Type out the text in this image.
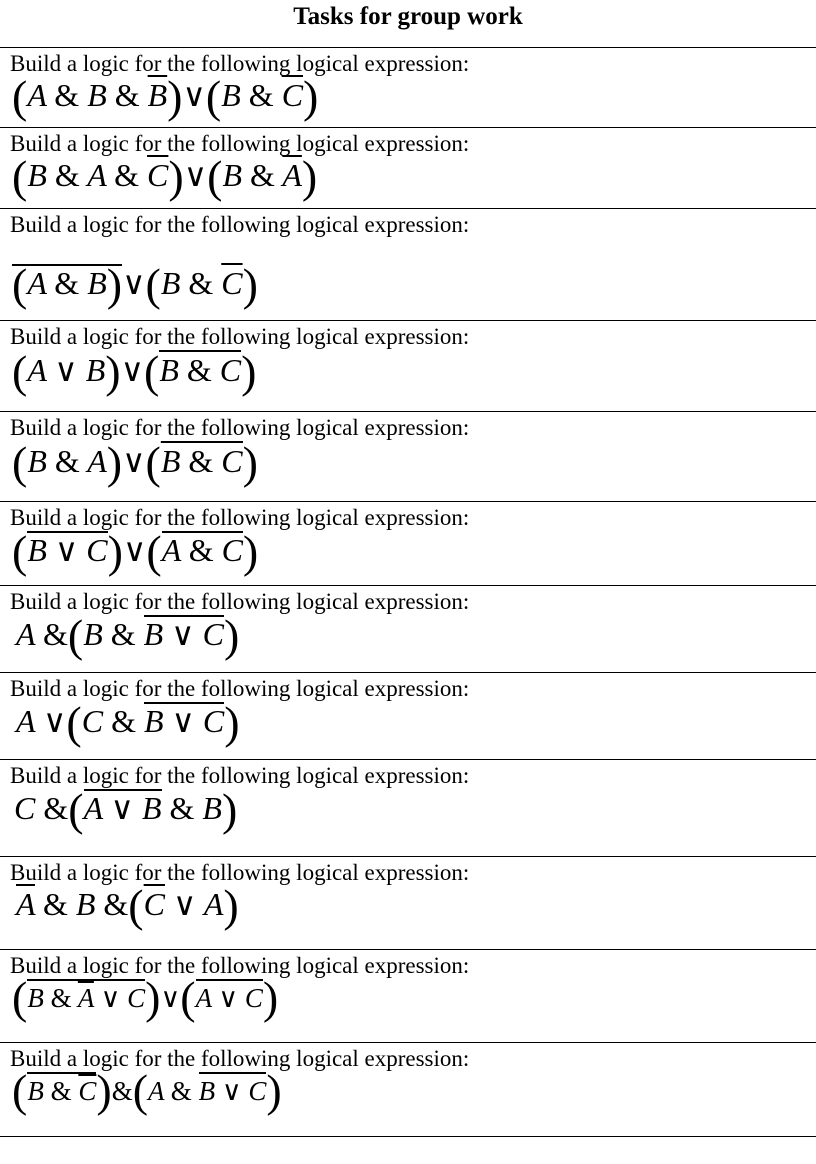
Tasks for group work
Build a logic for the following logical expression:
(A & B & $\overline{B})\vee(B$ & $\overline{C}$)

Build a logic for the following logical expression:
(B & A & $\overline{C})\vee(B$ & $\overline{A}$)

Build a logic for the following logical expression:
(A & B)∨(B & $\overline{C}$)

Build a logic for the following logical expression:
(A ∨ $B)\vee(\overline{B}$ & C)

Build a logic for the following logical expression:
(B & $A)\vee(\overline{B}$ & C)

Build a logic for the following logical expression:
(B ∨ C)∨(A & C)

Build a logic for the following logical expression:
A &(B & B ∨ C)

Build a logic for the following logical expression:
A ∨(C & B ∨ C)

Build a logic for the following logical expression:
C &(A ∨ B & B)

Build a logic for the following logical expression:
$\overline{A}$ & B $\&(\overline{C}$ ∨ A)

Build a logic for the following logical expression:
(B & $\overline{A}$ ∨ C)∨(A ∨ C)

Build a logic for the following logical expression:
(B & $\overline{C})\&(A$ & B ∨ C)
